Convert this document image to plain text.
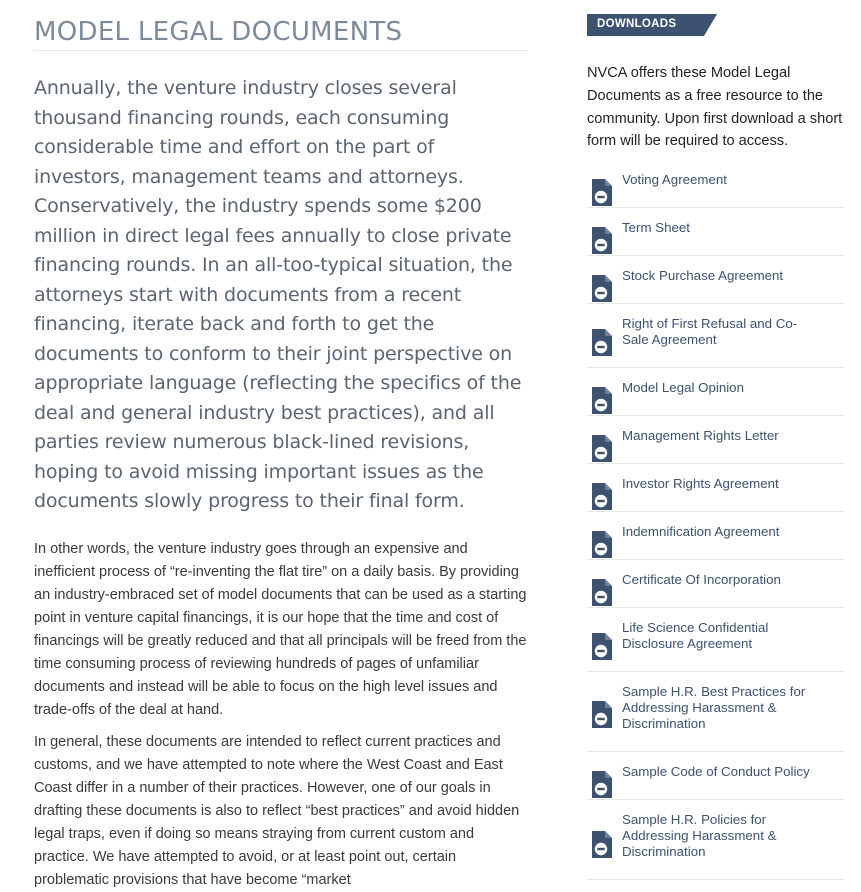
MODEL LEGAL DOCUMENTS

Annually, the venture industry closes several thousand financing rounds, each consuming considerable time and effort on the part of investors, management teams and attorneys. Conservatively, the industry spends some $200 million in direct legal fees annually to close private financing rounds. In an all-too-typical situation, the attorneys start with documents from a recent financing, iterate back and forth to get the documents to conform to their joint perspective on appropriate language (reflecting the specifics of the deal and general industry best practices), and all parties review numerous black-lined revisions, hoping to avoid missing important issues as the documents slowly progress to their final form.

In other words, the venture industry goes through an expensive and inefficient process of “re-inventing the flat tire” on a daily basis. By providing an industry-embraced set of model documents that can be used as a starting point in venture capital financings, it is our hope that the time and cost of financings will be greatly reduced and that all principals will be freed from the time consuming process of reviewing hundreds of pages of unfamiliar documents and instead will be able to focus on the high level issues and trade-offs of the deal at hand.

In general, these documents are intended to reflect current practices and customs, and we have attempted to note where the West Coast and East Coast differ in a number of their practices. However, one of our goals in drafting these documents is also to reflect “best practices” and avoid hidden legal traps, even if doing so means straying from current custom and practice. We have attempted to avoid, or at least point out, certain problematic provisions that have become “market

DOWNLOADS

NVCA offers these Model Legal Documents as a free resource to the community. Upon first download a short form will be required to access.

Voting Agreement
Term Sheet
Stock Purchase Agreement
Right of First Refusal and Co-Sale Agreement
Model Legal Opinion
Management Rights Letter
Investor Rights Agreement
Indemnification Agreement
Certificate Of Incorporation
Life Science Confidential Disclosure Agreement
Sample H.R. Best Practices for Addressing Harassment & Discrimination
Sample Code of Conduct Policy
Sample H.R. Policies for Addressing Harassment & Discrimination
